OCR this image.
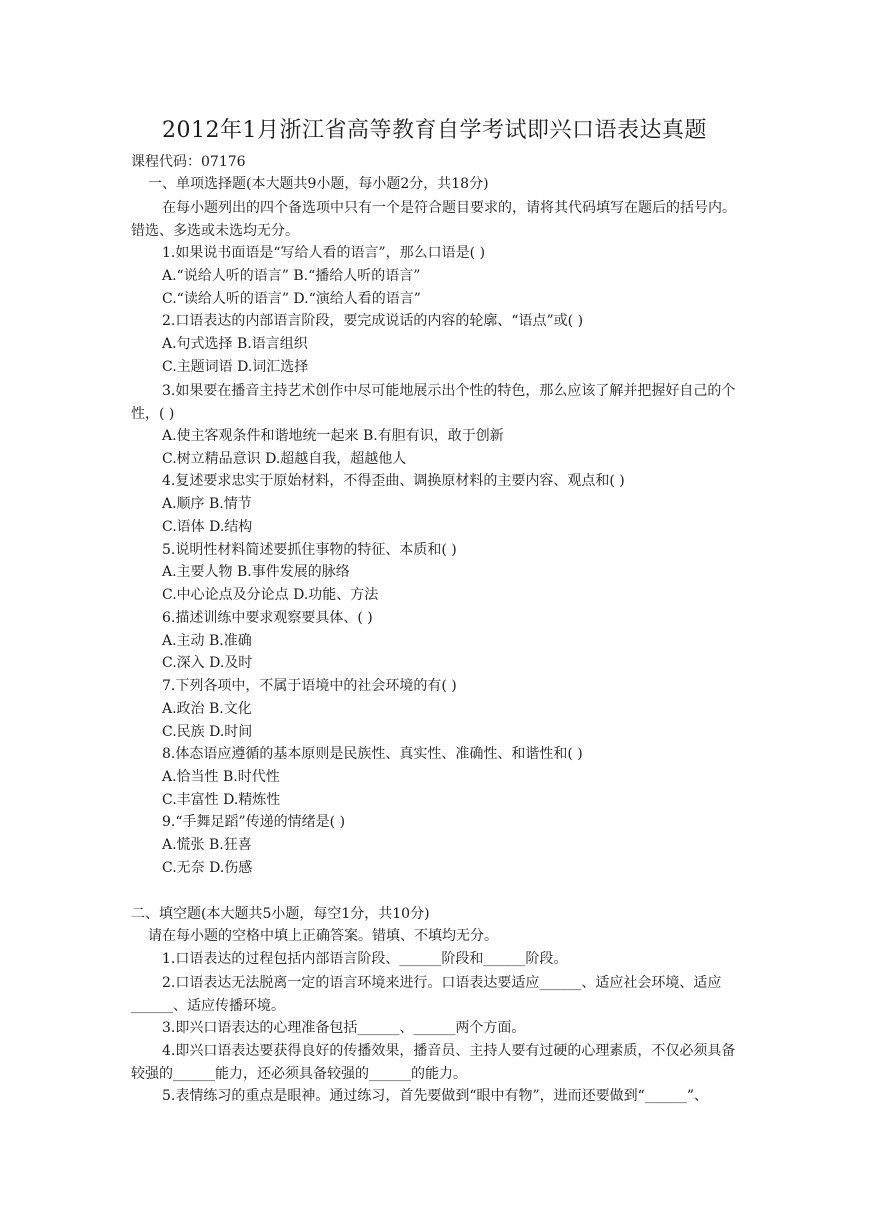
2012年1月浙江省高等教育自学考试即兴口语表达真题
课程代码：07176
一、单项选择题(本大题共9小题，每小题2分，共18分)
在每小题列出的四个备选项中只有一个是符合题目要求的，请将其代码填写在题后的括号内。错选、多选或未选均无分。
1.如果说书面语是“写给人看的语言”，那么口语是( )
A.“说给人听的语言” B.“播给人听的语言”
C.“读给人听的语言” D.“演给人看的语言”
2.口语表达的内部语言阶段，要完成说话的内容的轮廓、“语点”或( )
A.句式选择 B.语言组织
C.主题词语 D.词汇选择
3.如果要在播音主持艺术创作中尽可能地展示出个性的特色，那么应该了解并把握好自己的个性，( )
A.使主客观条件和谐地统一起来 B.有胆有识，敢于创新
C.树立精品意识 D.超越自我，超越他人
4.复述要求忠实于原始材料，不得歪曲、调换原材料的主要内容、观点和( )
A.顺序 B.情节
C.语体 D.结构
5.说明性材料简述要抓住事物的特征、本质和( )
A.主要人物 B.事件发展的脉络
C.中心论点及分论点 D.功能、方法
6.描述训练中要求观察要具体、( )
A.主动 B.准确
C.深入 D.及时
7.下列各项中，不属于语境中的社会环境的有( )
A.政治 B.文化
C.民族 D.时间
8.体态语应遵循的基本原则是民族性、真实性、准确性、和谐性和( )
A.恰当性 B.时代性
C.丰富性 D.精炼性
9.“手舞足蹈”传递的情绪是( )
A.慌张 B.狂喜
C.无奈 D.伤感
二、填空题(本大题共5小题，每空1分，共10分)
请在每小题的空格中填上正确答案。错填、不填均无分。
1.口语表达的过程包括内部语言阶段、______阶段和______阶段。
2.口语表达无法脱离一定的语言环境来进行。口语表达要适应______、适应社会环境、适应______、适应传播环境。
3.即兴口语表达的心理准备包括______、______两个方面。
4.即兴口语表达要获得良好的传播效果，播音员、主持人要有过硬的心理素质，不仅必须具备较强的______能力，还必须具备较强的______的能力。
5.表情练习的重点是眼神。通过练习，首先要做到“眼中有物”，进而还要做到“______”、
